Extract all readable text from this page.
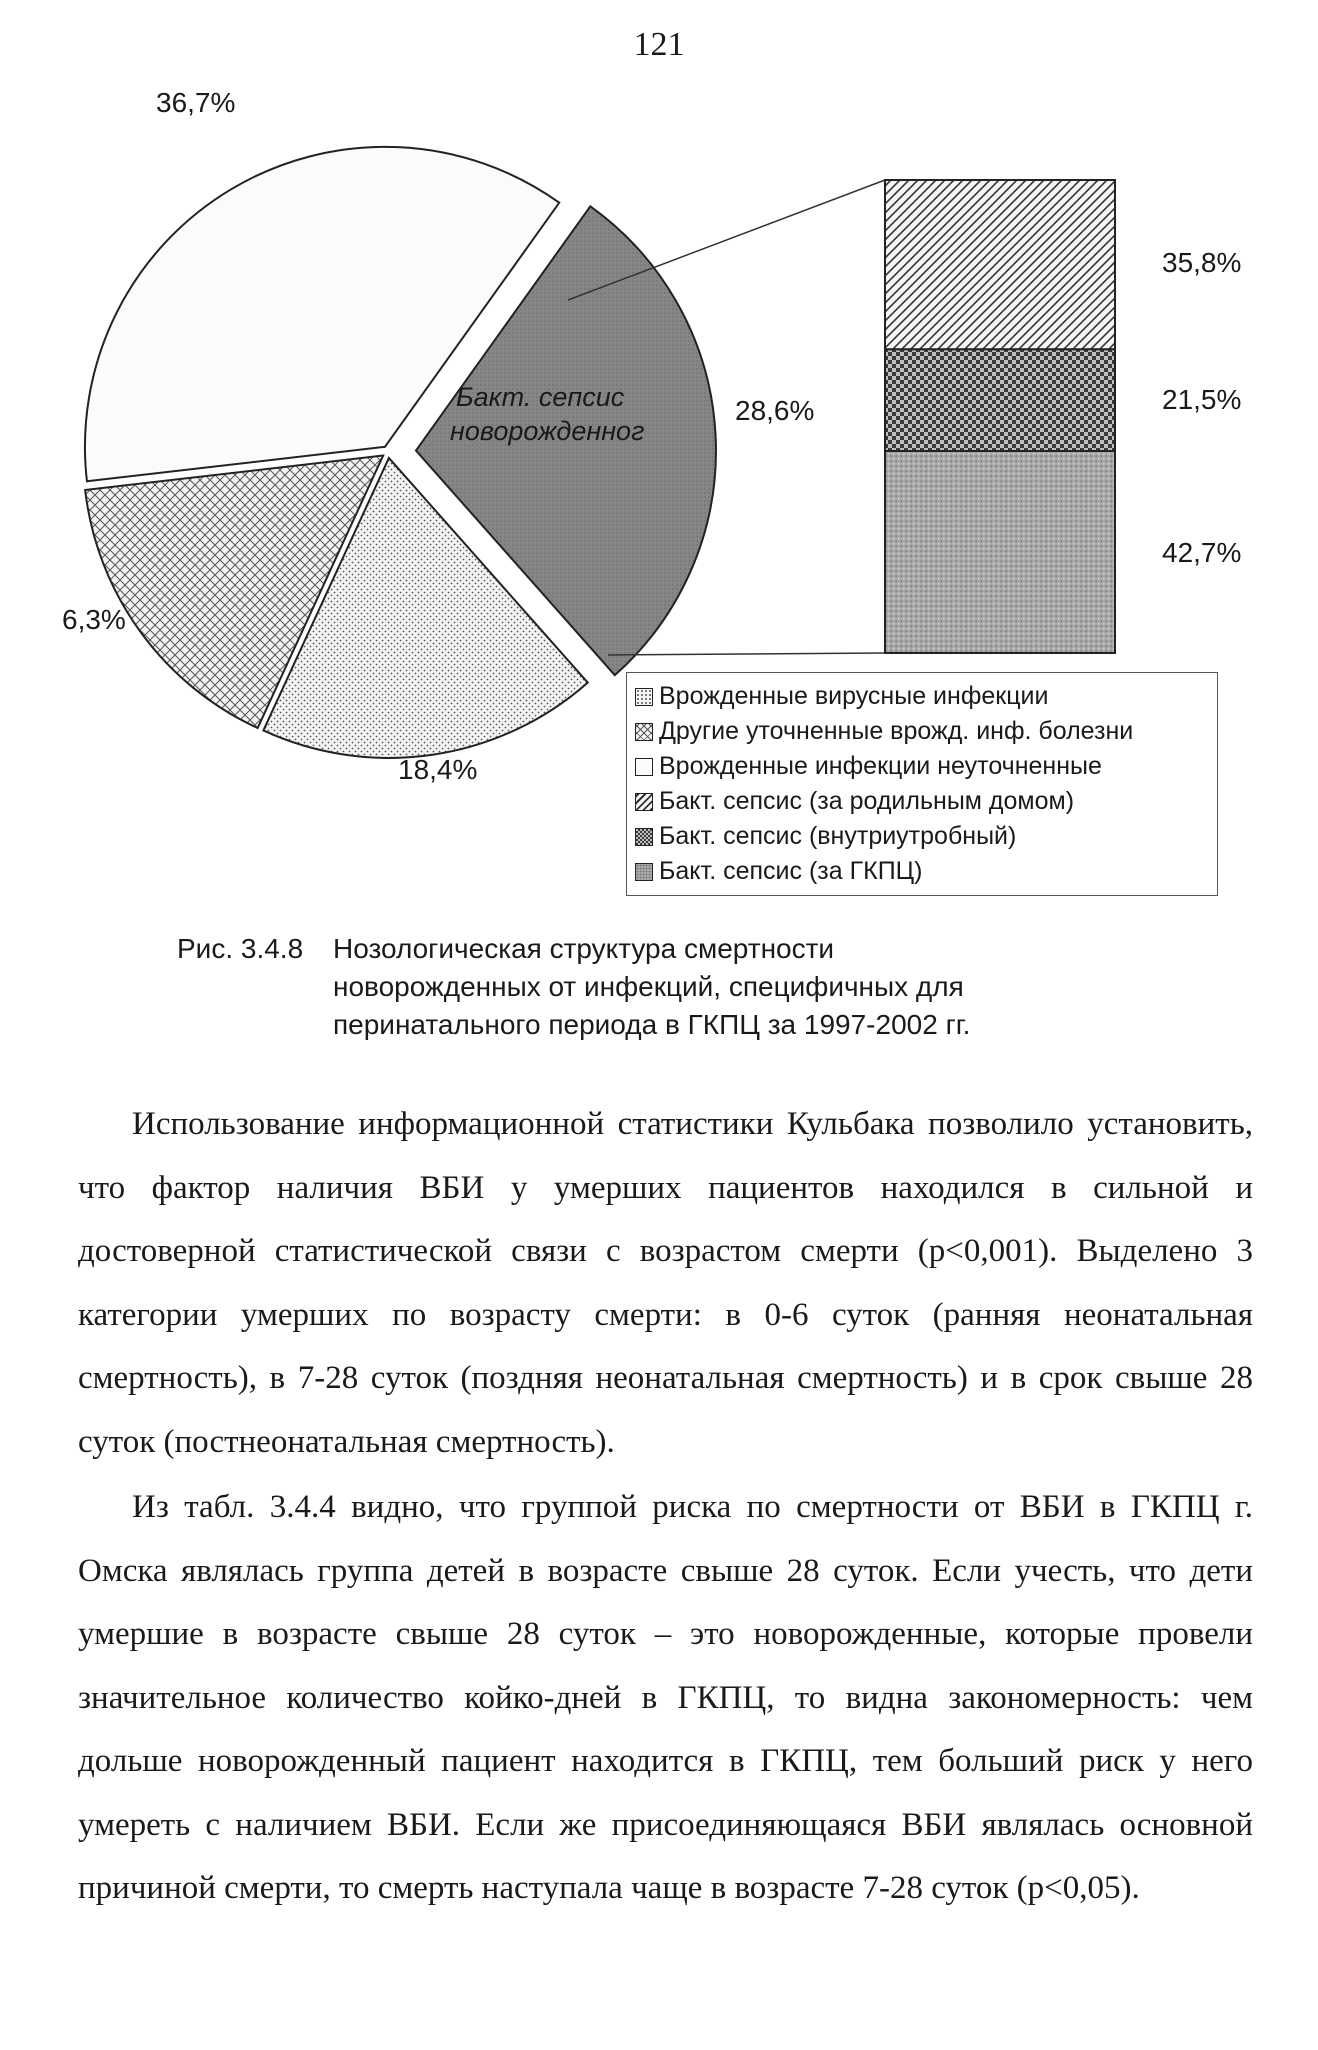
121
28,6%
18,4%
6,3%
36,7%
Бакт. сепсис
новорожденног
35,8%
21,5%
42,7%
Врожденные вирусные инфекции
Другие уточненные врожд. инф. болезни
Врожденные инфекции неуточненные
Бакт. сепсис (за родильным домом)
Бакт. сепсис (внутриутробный)
Бакт. сепсис (за ГКПЦ)
Рис. 3.4.8 Нозологическая структура смертности
новорожденных от инфекций, специфичных для
перинатального периода в ГКПЦ за 1997-2002 гг.

Использование информационной статистики Кульбака позволило установить, что фактор наличия ВБИ у умерших пациентов находился в сильной и достоверной статистической связи с возрастом смерти (p<0,001). Выделено 3 категории умерших по возрасту смерти: в 0-6 суток (ранняя неонатальная смертность), в 7-28 суток (поздняя неонатальная смертность) и в срок свыше 28 суток (постнеонатальная смертность).

Из табл. 3.4.4 видно, что группой риска по смертности от ВБИ в ГКПЦ г. Омска являлась группа детей в возрасте свыше 28 суток. Если учесть, что дети умершие в возрасте свыше 28 суток – это новорожденные, которые провели значительное количество койко-дней в ГКПЦ, то видна закономерность: чем дольше новорожденный пациент находится в ГКПЦ, тем больший риск у него умереть с наличием ВБИ. Если же присоединяющаяся ВБИ являлась основной причиной смерти, то смерть наступала чаще в возрасте 7-28 суток (p<0,05).
